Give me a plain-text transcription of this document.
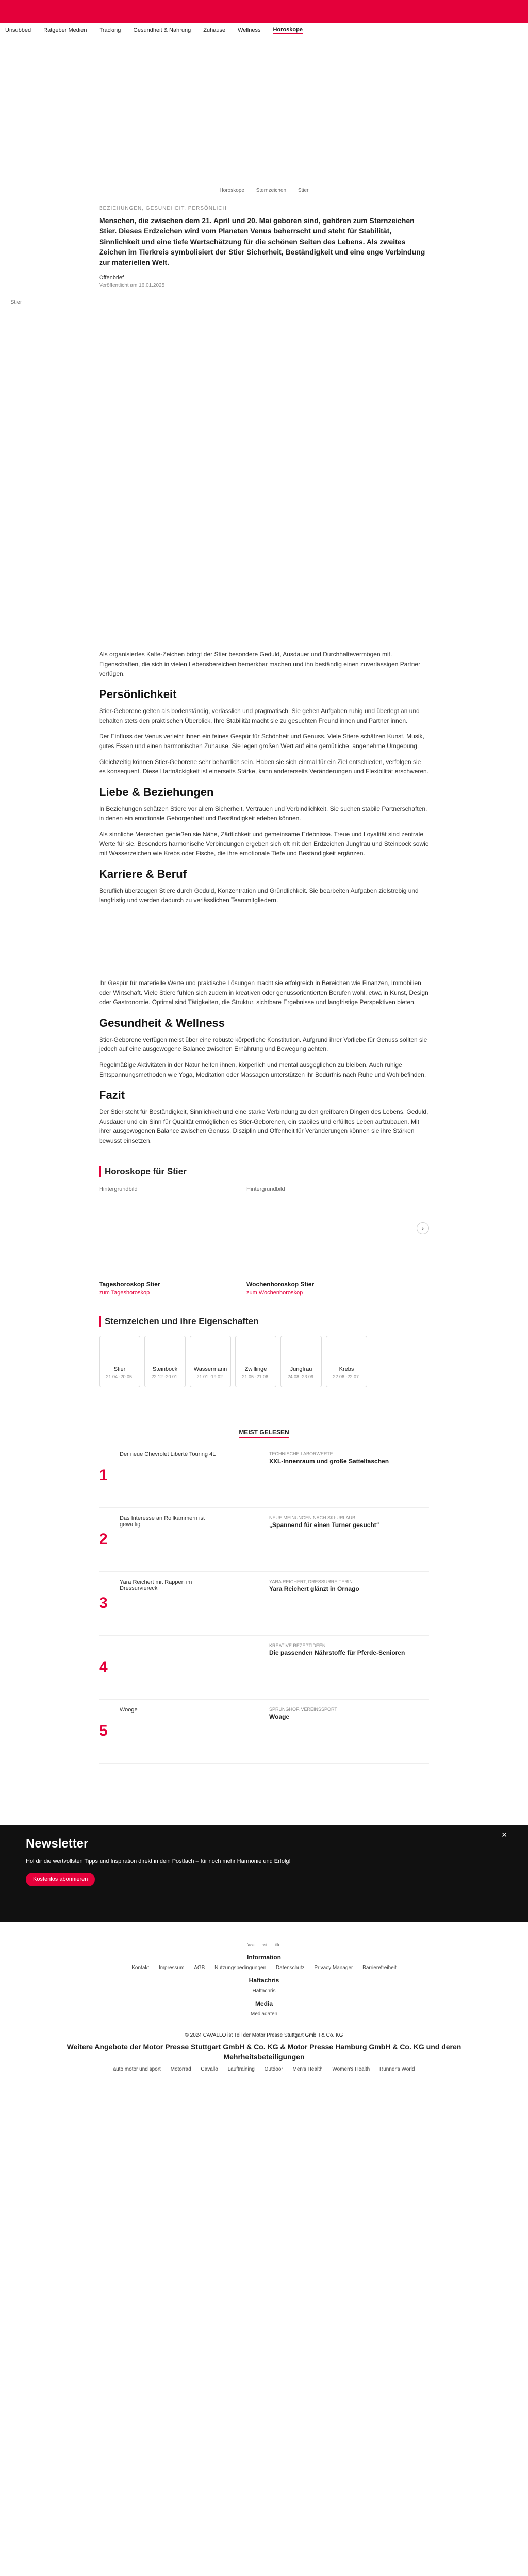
Unsubbed Ratgeber Medien Tracking Gesundheit & Nahrung Zuhause Wellness Horoskope
Horoskope Sternzeichen Stier
BEZIEHUNGEN, GESUNDHEIT, PERSÖNLICH
Menschen, die zwischen dem 21. April und 20. Mai geboren sind, gehören zum Sternzeichen Stier. Dieses Erdzeichen wird vom Planeten Venus beherrscht und steht für Stabilität, Sinnlichkeit und eine tiefe Wertschätzung für die schönen Seiten des Lebens. Als zweites Zeichen im Tierkreis symbolisiert der Stier Sicherheit, Beständigkeit und eine enge Verbindung zur materiellen Welt.
Offenbrief
Veröffentlicht am 16.01.2025
Stier

Als organisiertes Kalte-Zeichen bringt der Stier besondere Geduld, Ausdauer und Durchhaltevermögen mit. Eigenschaften, die sich in vielen Lebensbereichen bemerkbar machen und ihn beständig einen zuverlässigen Partner verfügen.

Persönlichkeit

Stier-Geborene gelten als bodenständig, verlässlich und pragmatisch. Sie gehen Aufgaben ruhig und überlegt an und behalten stets den praktischen Überblick. Ihre Stabilität macht sie zu gesuchten Freund innen und Partner innen.

Der Einfluss der Venus verleiht ihnen ein feines Gespür für Schönheit und Genuss. Viele Stiere schätzen Kunst, Musik, gutes Essen und einen harmonischen Zuhause. Sie legen großen Wert auf eine gemütliche, angenehme Umgebung.

Gleichzeitig können Stier-Geborene sehr beharrlich sein. Haben sie sich einmal für ein Ziel entschieden, verfolgen sie es konsequent. Diese Hartnäckigkeit ist einerseits Stärke, kann andererseits Veränderungen und Flexibilität erschweren.

Liebe & Beziehungen

In Beziehungen schätzen Stiere vor allem Sicherheit, Vertrauen und Verbindlichkeit. Sie suchen stabile Partnerschaften, in denen ein emotionale Geborgenheit und Beständigkeit erleben können.

Als sinnliche Menschen genießen sie Nähe, Zärtlichkeit und gemeinsame Erlebnisse. Treue und Loyalität sind zentrale Werte für sie. Besonders harmonische Verbindungen ergeben sich oft mit den Erdzeichen Jungfrau und Steinbock sowie mit Wasserzeichen wie Krebs oder Fische, die ihre emotionale Tiefe und Beständigkeit ergänzen.

Karriere & Beruf

Beruflich überzeugen Stiere durch Geduld, Konzentration und Gründlichkeit. Sie bearbeiten Aufgaben zielstrebig und langfristig und werden dadurch zu verlässlichen Teammitgliedern.

Ihr Gespür für materielle Werte und praktische Lösungen macht sie erfolgreich in Bereichen wie Finanzen, Immobilien oder Wirtschaft. Viele Stiere fühlen sich zudem in kreativen oder genussorientierten Berufen wohl, etwa in Kunst, Design oder Gastronomie. Optimal sind Tätigkeiten, die Struktur, sichtbare Ergebnisse und langfristige Perspektiven bieten.

Gesundheit & Wellness

Stier-Geborene verfügen meist über eine robuste körperliche Konstitution. Aufgrund ihrer Vorliebe für Genuss sollten sie jedoch auf eine ausgewogene Balance zwischen Ernährung und Bewegung achten.

Regelmäßige Aktivitäten in der Natur helfen ihnen, körperlich und mental ausgeglichen zu bleiben. Auch ruhige Entspannungsmethoden wie Yoga, Meditation oder Massagen unterstützen ihr Bedürfnis nach Ruhe und Wohlbefinden.

Fazit

Der Stier steht für Beständigkeit, Sinnlichkeit und eine starke Verbindung zu den greifbaren Dingen des Lebens. Geduld, Ausdauer und ein Sinn für Qualität ermöglichen es Stier-Geborenen, ein stabiles und erfülltes Leben aufzubauen. Mit ihrer ausgewogenen Balance zwischen Genuss, Disziplin und Offenheit für Veränderungen können sie ihre Stärken bewusst einsetzen.

Horoskope für Stier
Hintergrundbild
Tageshoroskop Stier
zum Tageshoroskop
Hintergrundbild
Wochenhoroskop Stier
zum Wochenhoroskop
›
Sternzeichen und ihre Eigenschaften
Stier
21.04.-20.05.
Steinbock
22.12.-20.01.
Wassermann
21.01.-19.02.
Zwillinge
21.05.-21.06.
Jungfrau
24.08.-23.09.
Krebs
22.06.-22.07.
MEIST GELESEN
1
Der neue Chevrolet Liberté Touring 4L	TECHNISCHE LABORWERTE
XXL-Innenraum und große Satteltaschen
2
Das Interesse an Rollkammern ist gewaltig
NEUE MEINUNGEN NACH SKI-URLAUB
„Spannend für einen Turner gesucht“
3
Yara Reichert mit Rappen im Dressurviereck
YARA REICHERT, DRESSURREITERIN
Yara Reichert glänzt in Ornago
4
KREATIVE REZEPTIDEEN
Die passenden Nährstoffe für Pferde-Senioren
5
Wooge	SPRUNGHOF, VEREINSSPORT
Woage
Newsletter

Hol dir die wertvollsten Tipps und Inspiration direkt in dein Postfach – für noch mehr Harmonie und Erfolg!

Kostenlos abonnieren
✕
face	inst	tik
Information
Kontakt Impressum AGB Nutzungsbedingungen Datenschutz Privacy Manager Barrierefreiheit
Haftachris
Haftachris
Media
Mediadaten
© 2024 CAVALLO ist Teil der Motor Presse Stuttgart GmbH & Co. KG
Weitere Angebote der Motor Presse Stuttgart GmbH & Co. KG & Motor Presse Hamburg GmbH & Co. KG und deren Mehrheitsbeteiligungen
auto motor und sport Motorrad Cavallo Lauftraining Outdoor Men's Health Women's Health Runner's World
